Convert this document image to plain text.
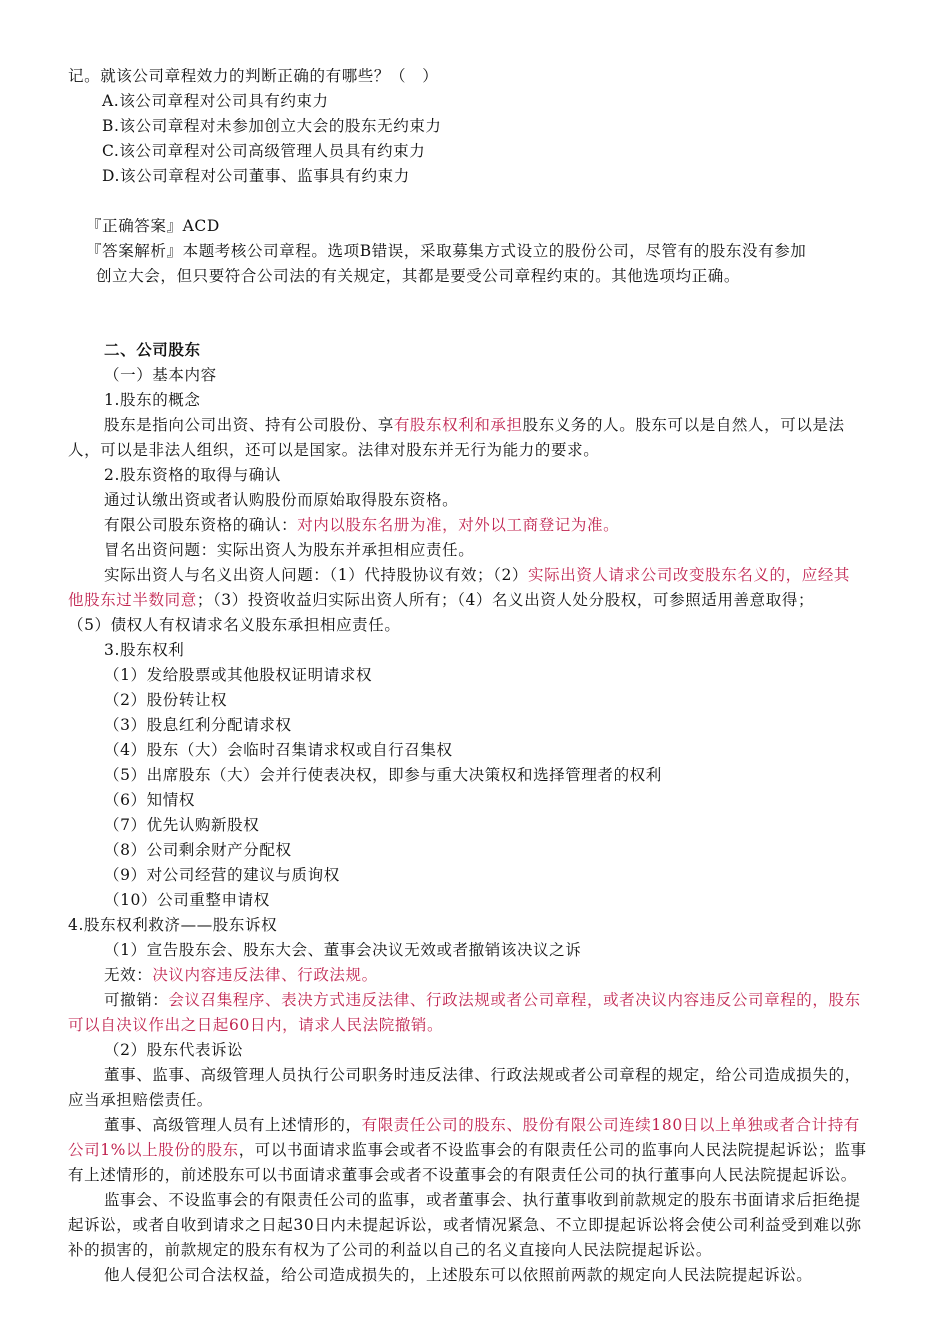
记。就该公司章程效力的判断正确的有哪些？（　）
A.该公司章程对公司具有约束力
B.该公司章程对未参加创立大会的股东无约束力
C.该公司章程对公司高级管理人员具有约束力
D.该公司章程对公司董事、监事具有约束力
『正确答案』ACD
『答案解析』本题考核公司章程。选项B错误，采取募集方式设立的股份公司，尽管有的股东没有参加
创立大会，但只要符合公司法的有关规定，其都是要受公司章程约束的。其他选项均正确。
二、公司股东
（一）基本内容
1.股东的概念
股东是指向公司出资、持有公司股份、享有股东权利和承担股东义务的人。股东可以是自然人，可以是法
人，可以是非法人组织，还可以是国家。法律对股东并无行为能力的要求。
2.股东资格的取得与确认
通过认缴出资或者认购股份而原始取得股东资格。
有限公司股东资格的确认：对内以股东名册为准，对外以工商登记为准。
冒名出资问题：实际出资人为股东并承担相应责任。
实际出资人与名义出资人问题：（1）代持股协议有效；（2）实际出资人请求公司改变股东名义的，应经其
他股东过半数同意；（3）投资收益归实际出资人所有；（4）名义出资人处分股权，可参照适用善意取得；
（5）债权人有权请求名义股东承担相应责任。
3.股东权利
（1）发给股票或其他股权证明请求权
（2）股份转让权
（3）股息红利分配请求权
（4）股东（大）会临时召集请求权或自行召集权
（5）出席股东（大）会并行使表决权，即参与重大决策权和选择管理者的权利
（6）知情权
（7）优先认购新股权
（8）公司剩余财产分配权
（9）对公司经营的建议与质询权
（10）公司重整申请权
4.股东权利救济——股东诉权
（1）宣告股东会、股东大会、董事会决议无效或者撤销该决议之诉
无效：决议内容违反法律、行政法规。
可撤销：会议召集程序、表决方式违反法律、行政法规或者公司章程，或者决议内容违反公司章程的，股东
可以自决议作出之日起60日内，请求人民法院撤销。
（2）股东代表诉讼
董事、监事、高级管理人员执行公司职务时违反法律、行政法规或者公司章程的规定，给公司造成损失的，
应当承担赔偿责任。
董事、高级管理人员有上述情形的，有限责任公司的股东、股份有限公司连续180日以上单独或者合计持有
公司1%以上股份的股东，可以书面请求监事会或者不设监事会的有限责任公司的监事向人民法院提起诉讼；监事
有上述情形的，前述股东可以书面请求董事会或者不设董事会的有限责任公司的执行董事向人民法院提起诉讼。
监事会、不设监事会的有限责任公司的监事，或者董事会、执行董事收到前款规定的股东书面请求后拒绝提
起诉讼，或者自收到请求之日起30日内未提起诉讼，或者情况紧急、不立即提起诉讼将会使公司利益受到难以弥
补的损害的，前款规定的股东有权为了公司的利益以自己的名义直接向人民法院提起诉讼。
他人侵犯公司合法权益，给公司造成损失的，上述股东可以依照前两款的规定向人民法院提起诉讼。
